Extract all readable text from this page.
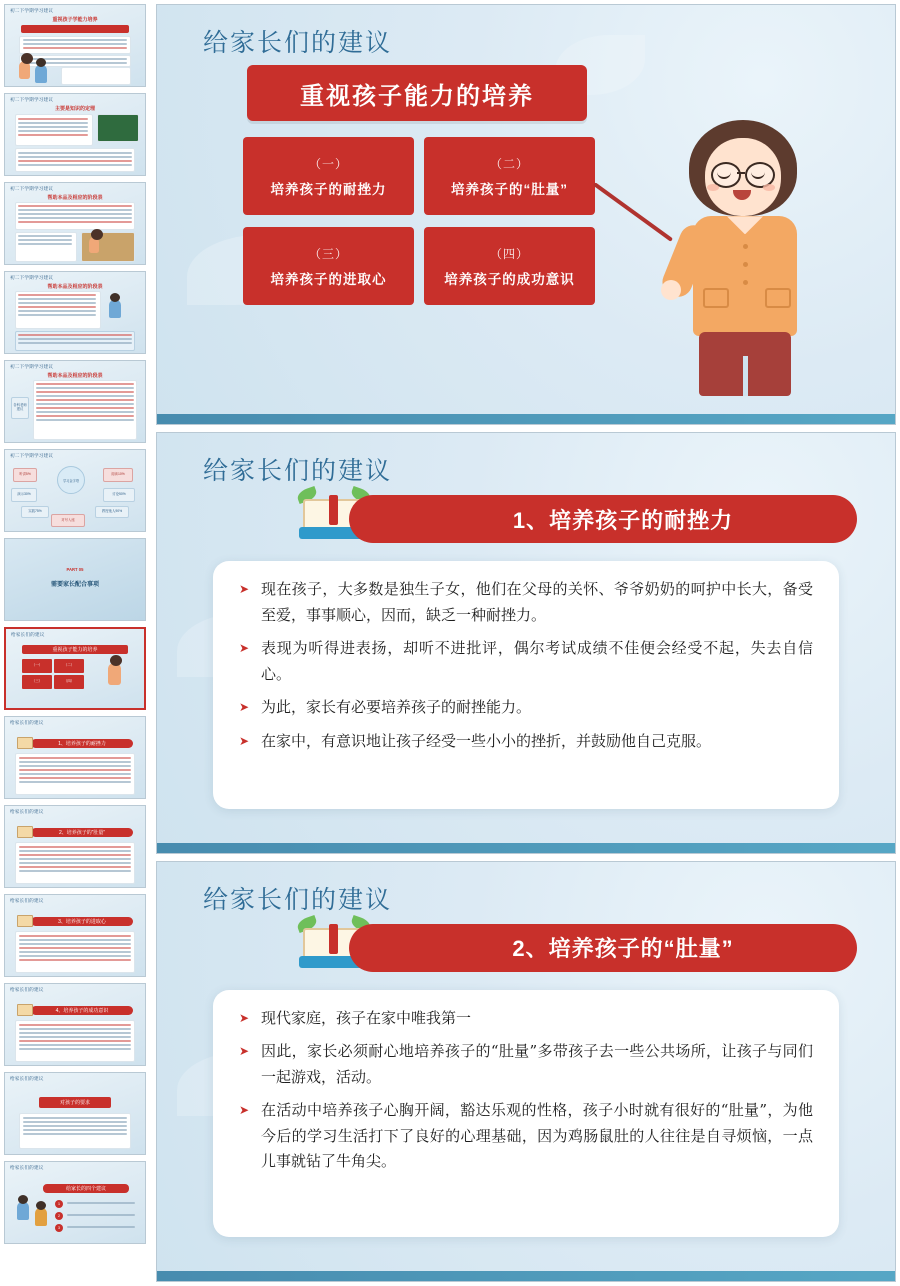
初二下学期学习建议
重视孩子学能力培养
初二下学期学习建议
主要是知识的定理
初二下学期学习建议
帮助本品及相应的阶段表
初二下学期学习建议
帮助本品及相应的阶段表
初二下学期学习建议
帮助本品及相应的阶段表
各科老师建议
初二下学期学习建议
学习金字塔
听讲5%	阅读10%
演示30%	讨论50%
实践75%	教授他人90%
对号入座
PART 05
需要家长配合事项
给家长们的建议
重视孩子能力的培养
（一）	（二）
（三）	（四）
给家长们的建议
1、培养孩子的耐挫力
给家长们的建议
2、培养孩子的“肚量”
给家长们的建议
3、培养孩子的进取心
给家长们的建议
4、培养孩子的成功意识
给家长们的建议
对孩子的要求
给家长们的建议
给家长的四个建议
1
2
3
给家长们的建议
重视孩子能力的培养
（一）
培养孩子的耐挫力
（二）
培养孩子的“肚量”
（三）
培养孩子的进取心
（四）
培养孩子的成功意识
给家长们的建议
1、培养孩子的耐挫力
➤ 现在孩子，大多数是独生子女，他们在父母的关怀、爷爷奶奶的呵护中长大，备受至爱，事事顺心，因而，缺乏一种耐挫力。
➤ 表现为听得进表扬，却听不进批评，偶尔考试成绩不佳便会经受不起，失去自信心。
➤ 为此，家长有必要培养孩子的耐挫能力。
➤ 在家中，有意识地让孩子经受一些小小的挫折，并鼓励他自己克服。
给家长们的建议
2、培养孩子的“肚量”
➤ 现代家庭，孩子在家中唯我第一
➤ 因此，家长必须耐心地培养孩子的“肚量”多带孩子去一些公共场所，让孩子与同们一起游戏，活动。
➤ 在活动中培养孩子心胸开阔，豁达乐观的性格，孩子小时就有很好的“肚量”，为他今后的学习生活打下了良好的心理基础，因为鸡肠鼠肚的人往往是自寻烦恼，一点儿事就钻了牛角尖。
